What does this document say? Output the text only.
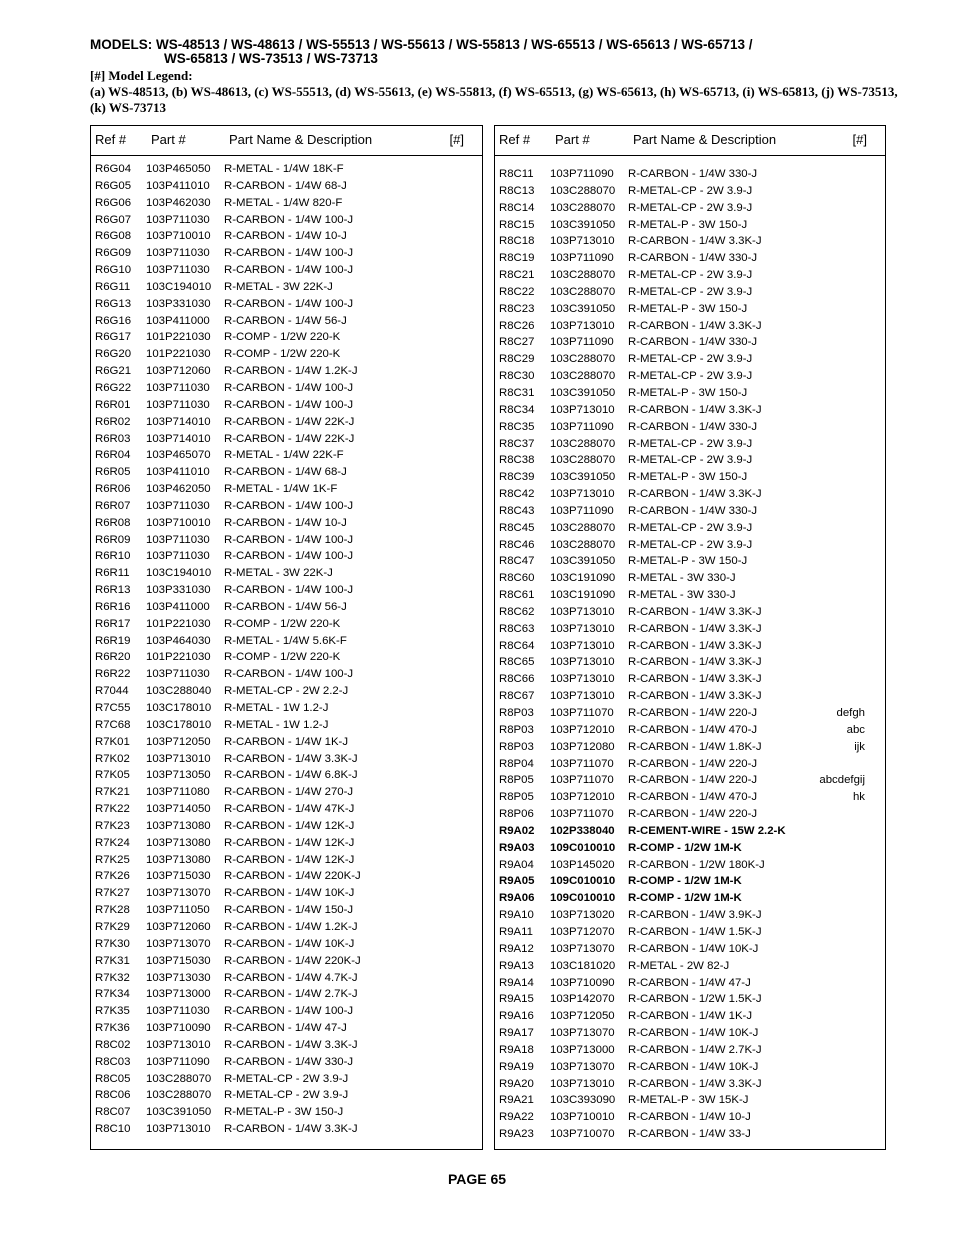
MODELS: WS-48513 / WS-48613 / WS-55513 / WS-55613 / WS-55813 / WS-65513 / WS-65613 / WS-65713 /
WS-65813 / WS-73513 / WS-73713
[#] Model Legend:
(a) WS-48513, (b) WS-48613, (c) WS-55513, (d) WS-55613, (e) WS-55813, (f) WS-65513, (g) WS-65613, (h) WS-65713, (i) WS-65813, (j) WS-73513, (k) WS-73713
Ref # Part #	Part Name & Description	[#]
R6G04 103P465050 R-METAL - 1/4W 18K-F
R6G05 103P411010 R-CARBON - 1/4W 68-J
R6G06 103P462030 R-METAL - 1/4W 820-F
R6G07 103P711030 R-CARBON - 1/4W 100-J
R6G08 103P710010 R-CARBON - 1/4W 10-J
R6G09 103P711030 R-CARBON - 1/4W 100-J
R6G10 103P711030 R-CARBON - 1/4W 100-J
R6G11 103C194010 R-METAL - 3W 22K-J
R6G13 103P331030 R-CARBON - 1/4W 100-J
R6G16 103P411000 R-CARBON - 1/4W 56-J
R6G17 101P221030 R-COMP - 1/2W 220-K
R6G20 101P221030 R-COMP - 1/2W 220-K
R6G21 103P712060 R-CARBON - 1/4W 1.2K-J
R6G22 103P711030 R-CARBON - 1/4W 100-J
R6R01 103P711030 R-CARBON - 1/4W 100-J
R6R02 103P714010 R-CARBON - 1/4W 22K-J
R6R03 103P714010 R-CARBON - 1/4W 22K-J
R6R04 103P465070 R-METAL - 1/4W 22K-F
R6R05 103P411010 R-CARBON - 1/4W 68-J
R6R06 103P462050 R-METAL - 1/4W 1K-F
R6R07 103P711030 R-CARBON - 1/4W 100-J
R6R08 103P710010 R-CARBON - 1/4W 10-J
R6R09 103P711030 R-CARBON - 1/4W 100-J
R6R10 103P711030 R-CARBON - 1/4W 100-J
R6R11 103C194010 R-METAL - 3W 22K-J
R6R13 103P331030 R-CARBON - 1/4W 100-J
R6R16 103P411000 R-CARBON - 1/4W 56-J
R6R17 101P221030 R-COMP - 1/2W 220-K
R6R19 103P464030 R-METAL - 1/4W 5.6K-F
R6R20 101P221030 R-COMP - 1/2W 220-K
R6R22 103P711030 R-CARBON - 1/4W 100-J
R7044 103C288040 R-METAL-CP - 2W 2.2-J
R7C55 103C178010 R-METAL - 1W 1.2-J
R7C68 103C178010 R-METAL - 1W 1.2-J
R7K01 103P712050 R-CARBON - 1/4W 1K-J
R7K02 103P713010 R-CARBON - 1/4W 3.3K-J
R7K05 103P713050 R-CARBON - 1/4W 6.8K-J
R7K21 103P711080 R-CARBON - 1/4W 270-J
R7K22 103P714050 R-CARBON - 1/4W 47K-J
R7K23 103P713080 R-CARBON - 1/4W 12K-J
R7K24 103P713080 R-CARBON - 1/4W 12K-J
R7K25 103P713080 R-CARBON - 1/4W 12K-J
R7K26 103P715030 R-CARBON - 1/4W 220K-J
R7K27 103P713070 R-CARBON - 1/4W 10K-J
R7K28 103P711050 R-CARBON - 1/4W 150-J
R7K29 103P712060 R-CARBON - 1/4W 1.2K-J
R7K30 103P713070 R-CARBON - 1/4W 10K-J
R7K31 103P715030 R-CARBON - 1/4W 220K-J
R7K32 103P713030 R-CARBON - 1/4W 4.7K-J
R7K34 103P713000 R-CARBON - 1/4W 2.7K-J
R7K35 103P711030 R-CARBON - 1/4W 100-J
R7K36 103P710090 R-CARBON - 1/4W 47-J
R8C02 103P713010 R-CARBON - 1/4W 3.3K-J
R8C03 103P711090 R-CARBON - 1/4W 330-J
R8C05 103C288070 R-METAL-CP - 2W 3.9-J
R8C06 103C288070 R-METAL-CP - 2W 3.9-J
R8C07 103C391050 R-METAL-P - 3W 150-J
R8C10 103P713010 R-CARBON - 1/4W 3.3K-J
Ref # Part #	Part Name & Description	[#]
R8C11 103P711090 R-CARBON - 1/4W 330-J
R8C13 103C288070 R-METAL-CP - 2W 3.9-J
R8C14 103C288070 R-METAL-CP - 2W 3.9-J
R8C15 103C391050 R-METAL-P - 3W 150-J
R8C18 103P713010 R-CARBON - 1/4W 3.3K-J
R8C19 103P711090 R-CARBON - 1/4W 330-J
R8C21 103C288070 R-METAL-CP - 2W 3.9-J
R8C22 103C288070 R-METAL-CP - 2W 3.9-J
R8C23 103C391050 R-METAL-P - 3W 150-J
R8C26 103P713010 R-CARBON - 1/4W 3.3K-J
R8C27 103P711090 R-CARBON - 1/4W 330-J
R8C29 103C288070 R-METAL-CP - 2W 3.9-J
R8C30 103C288070 R-METAL-CP - 2W 3.9-J
R8C31 103C391050 R-METAL-P - 3W 150-J
R8C34 103P713010 R-CARBON - 1/4W 3.3K-J
R8C35 103P711090 R-CARBON - 1/4W 330-J
R8C37 103C288070 R-METAL-CP - 2W 3.9-J
R8C38 103C288070 R-METAL-CP - 2W 3.9-J
R8C39 103C391050 R-METAL-P - 3W 150-J
R8C42 103P713010 R-CARBON - 1/4W 3.3K-J
R8C43 103P711090 R-CARBON - 1/4W 330-J
R8C45 103C288070 R-METAL-CP - 2W 3.9-J
R8C46 103C288070 R-METAL-CP - 2W 3.9-J
R8C47 103C391050 R-METAL-P - 3W 150-J
R8C60 103C191090 R-METAL - 3W 330-J
R8C61 103C191090 R-METAL - 3W 330-J
R8C62 103P713010 R-CARBON - 1/4W 3.3K-J
R8C63 103P713010 R-CARBON - 1/4W 3.3K-J
R8C64 103P713010 R-CARBON - 1/4W 3.3K-J
R8C65 103P713010 R-CARBON - 1/4W 3.3K-J
R8C66 103P713010 R-CARBON - 1/4W 3.3K-J
R8C67 103P713010 R-CARBON - 1/4W 3.3K-J
R8P03 103P711070 R-CARBON - 1/4W 220-J	defgh
R8P03 103P712010 R-CARBON - 1/4W 470-J	abc
R8P03 103P712080 R-CARBON - 1/4W 1.8K-J	ijk
R8P04 103P711070 R-CARBON - 1/4W 220-J
R8P05 103P711070 R-CARBON - 1/4W 220-J	abcdefgij
R8P05 103P712010 R-CARBON - 1/4W 470-J	hk
R8P06 103P711070 R-CARBON - 1/4W 220-J
R9A02 102P338040 R-CEMENT-WIRE - 15W 2.2-K
R9A03 109C010010 R-COMP - 1/2W 1M-K
R9A04 103P145020 R-CARBON - 1/2W 180K-J
R9A05 109C010010 R-COMP - 1/2W 1M-K
R9A06 109C010010 R-COMP - 1/2W 1M-K
R9A10 103P713020 R-CARBON - 1/4W 3.9K-J
R9A11 103P712070 R-CARBON - 1/4W 1.5K-J
R9A12 103P713070 R-CARBON - 1/4W 10K-J
R9A13 103C181020 R-METAL - 2W 82-J
R9A14 103P710090 R-CARBON - 1/4W 47-J
R9A15 103P142070 R-CARBON - 1/2W 1.5K-J
R9A16 103P712050 R-CARBON - 1/4W 1K-J
R9A17 103P713070 R-CARBON - 1/4W 10K-J
R9A18 103P713000 R-CARBON - 1/4W 2.7K-J
R9A19 103P713070 R-CARBON - 1/4W 10K-J
R9A20 103P713010 R-CARBON - 1/4W 3.3K-J
R9A21 103C393090 R-METAL-P - 3W 15K-J
R9A22 103P710010 R-CARBON - 1/4W 10-J
R9A23 103P710070 R-CARBON - 1/4W 33-J
PAGE 65
